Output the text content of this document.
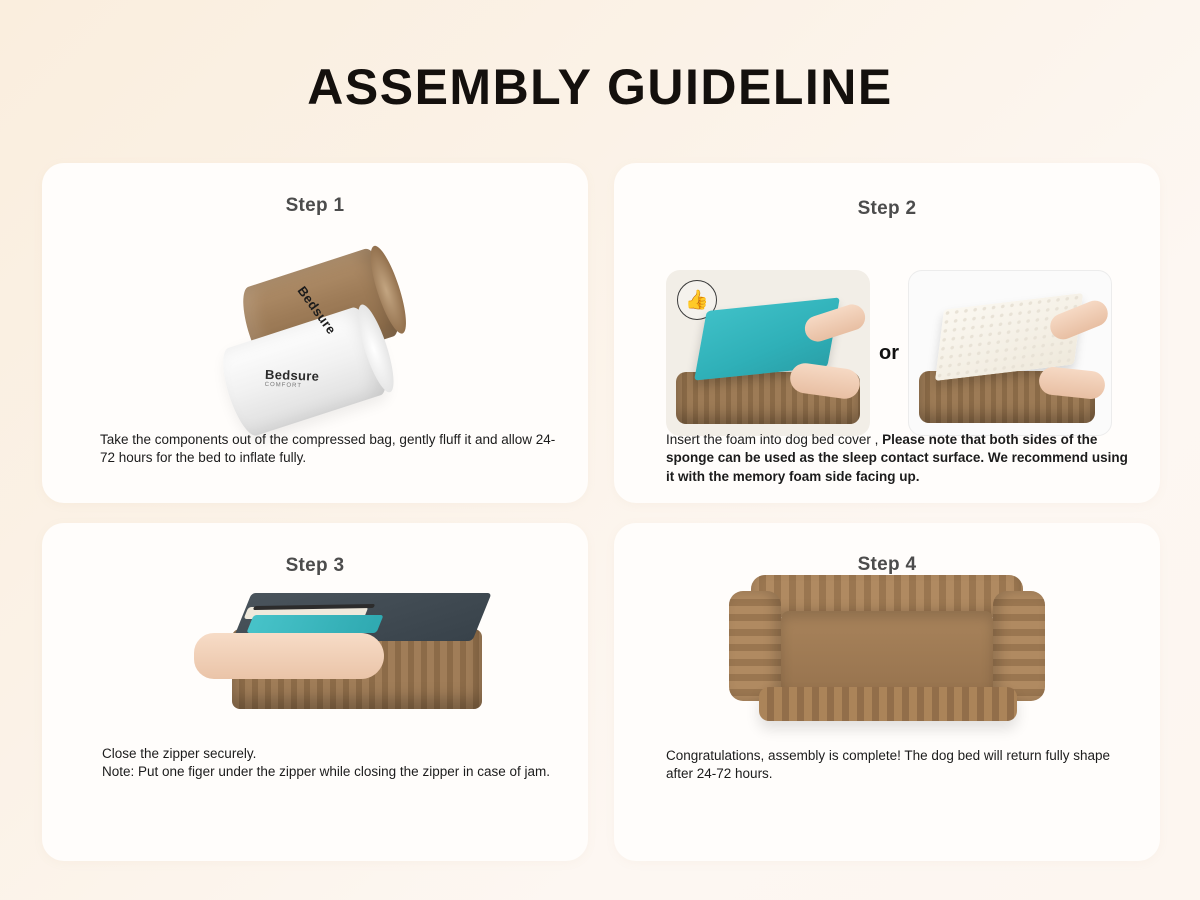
ASSEMBLY GUIDELINE
Step 1
Bedsure
Bedsure
COMFORT
Take the components out of the compressed bag, gently fluff it and allow 24-72 hours for the bed to inflate fully.
Step 2
👍
or
Insert the foam into dog bed cover , Please note that both sides of the sponge can be used as the sleep contact surface. We recommend using it with the memory foam side facing up.
Step 3
Close the zipper securely.
Note: Put one figer under the zipper while closing the zipper in case of jam.
Step 4
Congratulations, assembly is complete! The dog bed will return fully shape after 24-72 hours.
